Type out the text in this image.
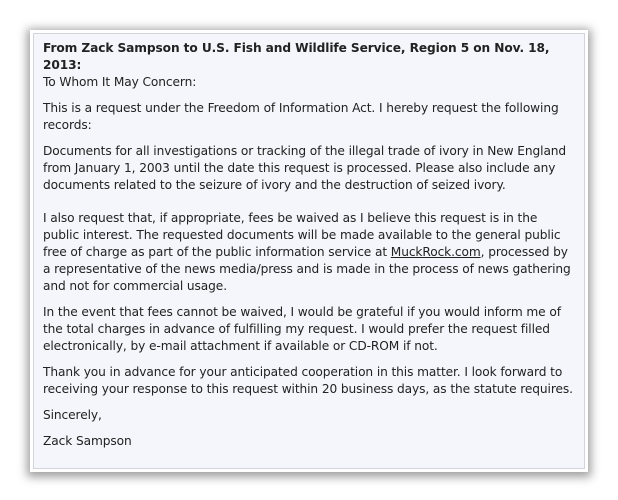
From Zack Sampson to U.S. Fish and Wildlife Service, Region 5 on Nov. 18, 2013:
To Whom It May Concern:

This is a request under the Freedom of Information Act. I hereby request the following records:

Documents for all investigations or tracking of the illegal trade of ivory in New England from January 1, 2003 until the date this request is processed. Please also include any documents related to the seizure of ivory and the destruction of seized ivory.

I also request that, if appropriate, fees be waived as I believe this request is in the public interest. The requested documents will be made available to the general public free of charge as part of the public information service at MuckRock.com, processed by a representative of the news media/press and is made in the process of news gathering and not for commercial usage.

In the event that fees cannot be waived, I would be grateful if you would inform me of the total charges in advance of fulfilling my request. I would prefer the request filled electronically, by e-mail attachment if available or CD-ROM if not.

Thank you in advance for your anticipated cooperation in this matter. I look forward to receiving your response to this request within 20 business days, as the statute requires.

Sincerely,

Zack Sampson
